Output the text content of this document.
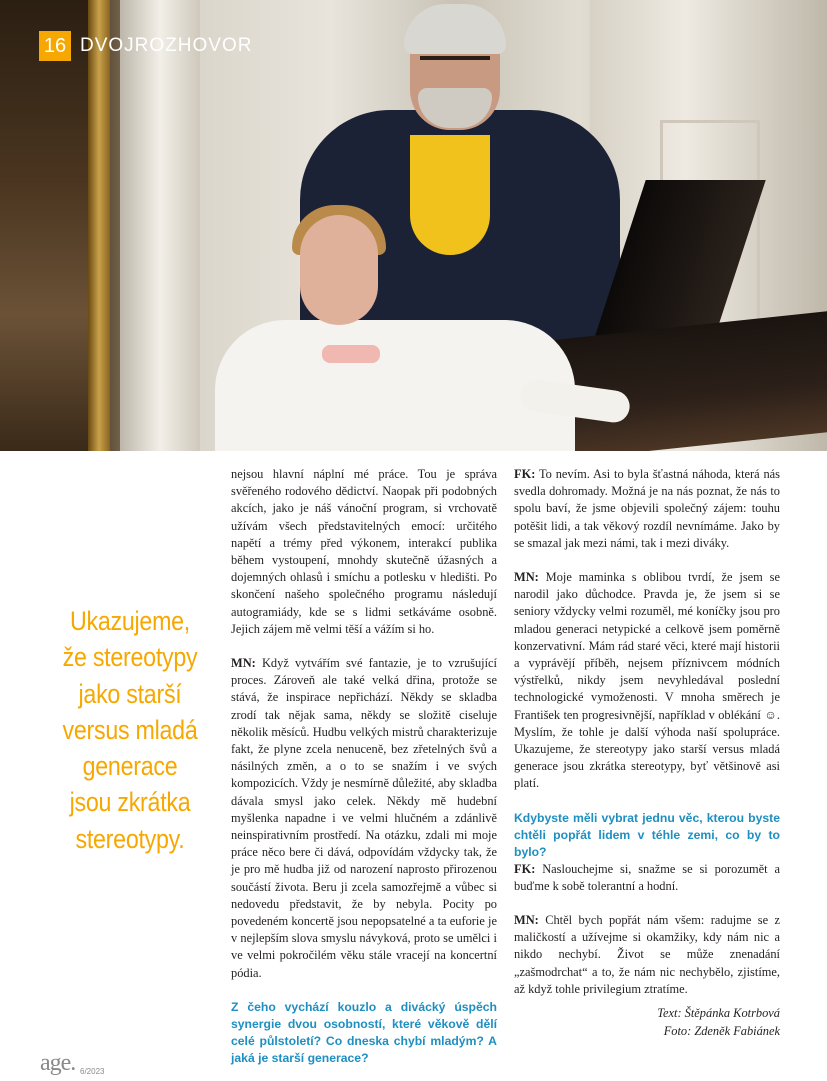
16 DVOJROZHOVOR
Ukazujeme,
že stereotypy
jako starší
versus mladá
generace
jsou zkrátka
stereotypy.

nejsou hlavní náplní mé práce. Tou je správa svěřeného rodového dědictví. Naopak při podobných akcích, jako je náš vánoční program, si vrchovatě užívám všech představitelných emocí: určitého napětí a trémy před výkonem, interakcí publika během vystoupení, mnohdy skutečně úžasných a dojemných ohlasů i smíchu a potlesku v hledišti. Po skončení našeho společného programu následují autogramiády, kde se s lidmi setkáváme osobně. Jejich zájem mě velmi těší a vážím si ho.

MN: Když vytvářím své fantazie, je to vzrušující proces. Zároveň ale také velká dřina, protože se stává, že inspirace nepřichází. Někdy se skladba zrodí tak nějak sama, někdy se složitě ciseluje několik měsíců. Hudbu velkých mistrů charakterizuje fakt, že plyne zcela nenuceně, bez zřetelných švů a násilných změn, a o to se snažím i ve svých kompozicích. Vždy je nesmírně důležité, aby skladba dávala smysl jako celek. Někdy mě hudební myšlenka napadne i ve velmi hlučném a zdánlivě neinspirativním prostředí. Na otázku, zdali mi moje práce něco bere či dává, odpovídám vždycky tak, že je pro mě hudba již od narození naprosto přirozenou součástí života. Beru ji zcela samozřejmě a vůbec si nedovedu představit, že by nebyla. Pocity po povedeném koncertě jsou nepopsatelné a ta euforie je v nejlepším slova smyslu návyková, proto se umělci i ve velmi pokročilém věku stále vracejí na koncertní pódia.

Z čeho vychází kouzlo a divácký úspěch synergie dvou osobností, které věkově dělí celé půlstoletí? Co dneska chybí mladým? A jaká je starší generace?

FK: To nevím. Asi to byla šťastná náhoda, která nás svedla dohromady. Možná je na nás poznat, že nás to spolu baví, že jsme objevili společný zájem: touhu potěšit lidi, a tak věkový rozdíl nevnímáme. Jako by se smazal jak mezi námi, tak i mezi diváky.

MN: Moje maminka s oblibou tvrdí, že jsem se narodil jako důchodce. Pravda je, že jsem si se seniory vždycky velmi rozuměl, mé koníčky jsou pro mladou generaci netypické a celkově jsem poměrně konzervativní. Mám rád staré věci, které mají historii a vyprávějí příběh, nejsem příznivcem módních výstřelků, nikdy jsem nevyhledával poslední technologické vymoženosti. V mnoha směrech je František ten progresivnější, například v oblékání ☺. Myslím, že tohle je další výhoda naší spolupráce. Ukazujeme, že stereotypy jako starší versus mladá generace jsou zkrátka stereotypy, byť většinově asi platí.

Kdybyste měli vybrat jednu věc, kterou byste chtěli popřát lidem v téhle zemi, co by to bylo?

FK: Naslouchejme si, snažme se si porozumět a buďme k sobě tolerantní a hodní.

MN: Chtěl bych popřát nám všem: radujme se z maličkostí a užívejme si okamžiky, kdy nám nic a nikdo nechybí. Život se může znenadání „zašmodrchat“ a to, že nám nic nechybělo, zjistíme, až když tohle privilegium ztratíme.

Text: Štěpánka Kotrbová
Foto: Zdeněk Fabiánek
age. 6/2023
